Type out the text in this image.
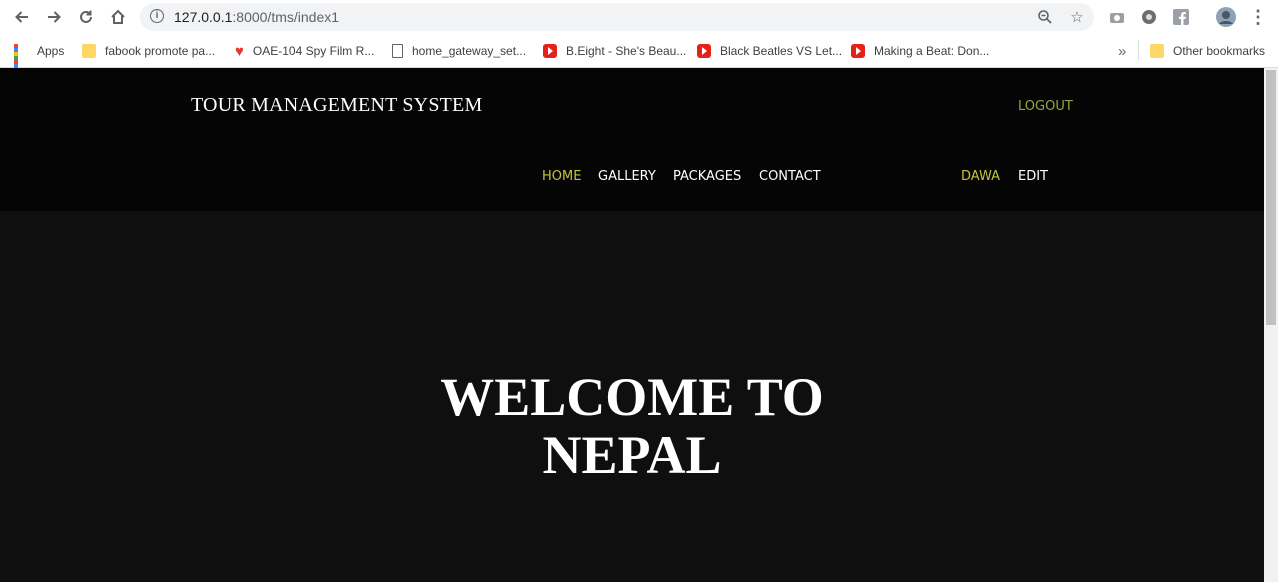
i	127.0.0.1:8000/tms/index1	☆	⋮
Apps	fabook promote pa... ♥ OAE-104 Spy Film R...	home_gateway_set...	B.Eight - She's Beau...	Black Beatles VS Let...	Making a Beat: Don...	»	Other bookmarks
TOUR MANAGEMENT SYSTEM	LOGOUT
HOME GALLERY PACKAGES CONTACT	DAWA EDIT
WELCOME TO
NEPAL
